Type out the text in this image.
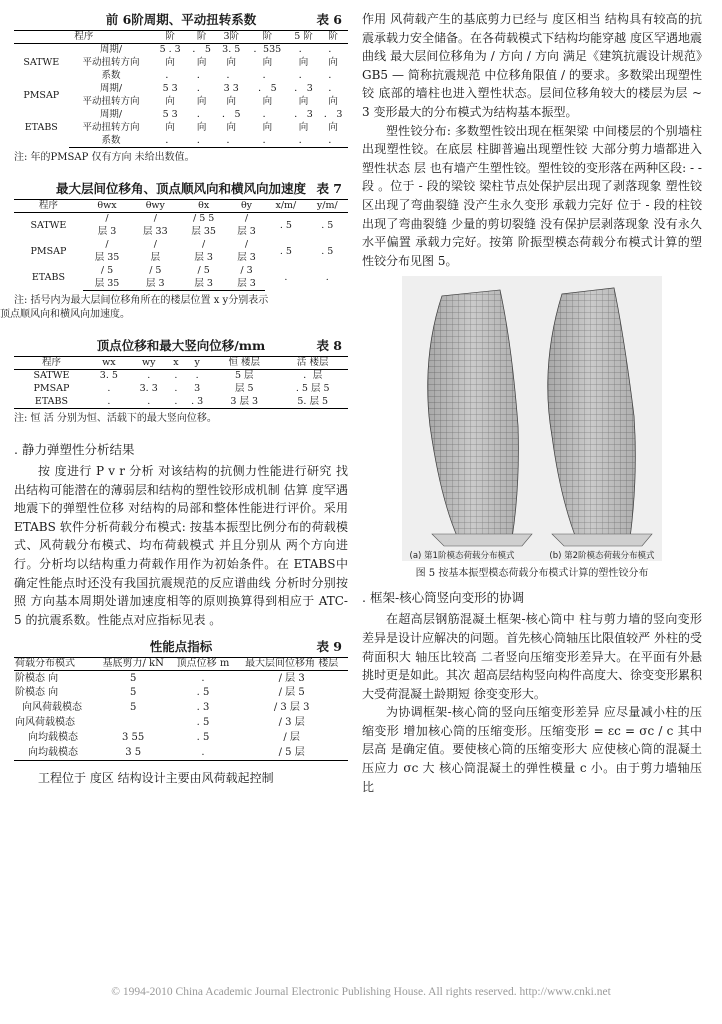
前 6阶周期、平动扭转系数	表 6
程序		阶	阶	3阶	阶	5 阶	阶
SATWE	周期/	5 . 3	． 5	3. 5	．535	．	．
	平动扭转方向	向	向	向	向	向	向
	系数	．	．	．	．	．	．
PMSAP	周期/	5 3	．	3 3	． 5	． 3	．
	平动扭转方向	向	向	向	向	向	向
ETABS	周期/	5 3	．	． 5	．	． 3	． 3
	平动扭转方向	向	向	向	向	向	向
	系数	．	．	．	．	．	．
注: 年的PMSAP 仅有方向 未给出数值。
最大层间位移角、顶点顺风向和横风向加速度 表 7
程序	θwx	θwy	θx	θy	x/m/	y/m/
SATWE	/	/	/ 5 5	/	. 5	. 5
	层 3	层 33	层 35	层 3		
PMSAP	/	/	/	/	. 5	. 5
	层 35	层	层 3	层 3		
ETABS	/ 5	/ 5	/ 5	/ 3	.	.
	层 35	层 3	层 3	层 3		
注: 括号内为最大层间位移角所在的楼层位置 x y分别表示
顶点顺风向和横风向加速度。
顶点位移和最大竖向位移/mm	表 8
程序	wx	wy	x	y	恒 楼层	活 楼层
SATWE	3. 5	.	.	.	5 层	．层
PMSAP	.	3. 3	.	3	层 5	. 5 层 5
ETABS	.	.	.	. 3	3 层 3	5. 层 5
注: 恒 活 分别为恒、活载下的最大竖向位移。
. 静力弹塑性分析结果

按 度进行 P v r 分析 对该结构的抗侧力性能进行研究 找出结构可能潜在的薄弱层和结构的塑性铰形成机制 估算 度罕遇地震下的弹塑性位移 对结构的局部和整体性能进行评价。采用 ETABS 软件分析荷载分布模式: 按基本振型比例分布的荷载模式、风荷载分布模式、均布荷载模式 并且分别从 两个方向进行。分析均以结构重力荷载作用作为初始条件。在 ETABS中 确定性能点时还没有我国抗震规范的反应谱曲线 分析时分别按照 方向基本周期处谱加速度相等的原则换算得到相应于 ATC- 5 的抗震系数。性能点对应指标见表 。

性能点指标	表 9
荷载分布模式	基底剪力/ kN	顶点位移 m	最大层间位移角 楼层
阶模态 向	5	.	/ 层 3
阶模态 向	5	. 5	/ 层 5
向风荷载模态	5	. 3	/ 3 层 3
向风荷载模态		. 5	/ 3 层
向均载模态	3 55	. 5	/ 层
向均载模态	3 5	.	/ 5 层

工程位于 度区 结构设计主要由风荷载起控制

作用 风荷载产生的基底剪力已经与 度区相当 结构具有较高的抗震承载力安全储备。在各荷载模式下结构均能穿越 度区罕遇地震曲线 最大层间位移角为 / 方向 / 方向 满足《建筑抗震设计规范》GB5 — 简称抗震规范 中位移角限值 / 的要求。多数梁出现塑性铰 底部的墙柱也进入塑性状态。层间位移角较大的楼层为层 ~ 3 变形最大的分布模式为结构基本振型。

塑性铰分布: 多数塑性铰出现在框架梁 中间楼层的个别墙柱出现塑性铰。在底层 柱脚普遍出现塑性铰 大部分剪力墙都进入塑性状态 层 也有墙产生塑性铰。塑性铰的变形落在两种区段: - - 段 。位于 - 段的梁铰 梁柱节点处保护层出现了剥落现象 塑性铰区出现了弯曲裂缝 没产生永久变形 承载力完好 位于 - 段的柱铰 出现了弯曲裂缝 少量的剪切裂缝 没有保护层剥落现象 没有永久水平偏置 承载力完好。按第 阶振型模态荷载分布模式计算的塑性铰分布见图 5。

(a) 第1阶模态荷载分布模式	(b) 第2阶模态荷载分布模式
图 5 按基本振型模态荷载分布模式计算的塑性铰分布
. 框架-核心筒竖向变形的协调

在超高层钢筋混凝土框架-核心筒中 柱与剪力墙的竖向变形差异是设计应解决的问题。首先核心筒轴压比限值较严 外柱的受荷面积大 轴压比较高 二者竖向压缩变形差异大。在平面有外悬挑时更是如此。其次 超高层结构竖向构件高度大、徐变变形累积大受荷混凝土龄期短 徐变变形大。

为协调框架-核心筒的竖向压缩变形差异 应尽量减小柱的压缩变形 增加核心筒的压缩变形。压缩变形 = εc = σc / c 其中层高 是确定值。要使核心筒的压缩变形大 应使核心筒的混凝土压应力 σc 大 核心筒混凝土的弹性模量 c 小。由于剪力墙轴压比

© 1994-2010 China Academic Journal Electronic Publishing House. All rights reserved. http://www.cnki.net
